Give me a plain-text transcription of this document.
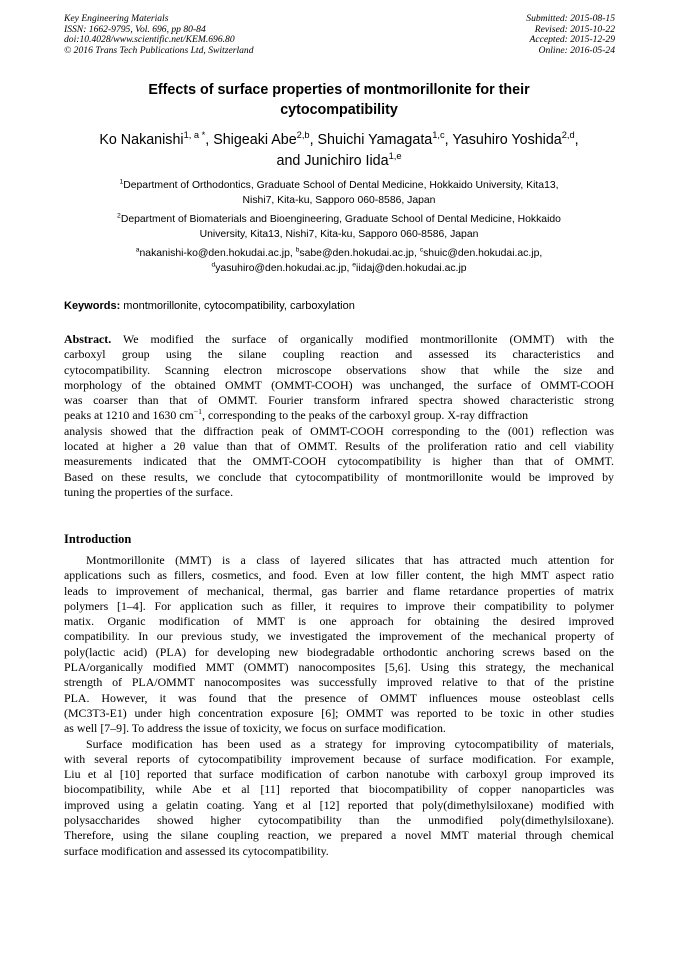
Key Engineering Materials
ISSN: 1662-9795, Vol. 696, pp 80-84
doi:10.4028/www.scientific.net/KEM.696.80
© 2016 Trans Tech Publications Ltd, Switzerland
Submitted: 2015-08-15
Revised: 2015-10-22
Accepted: 2015-12-29
Online: 2016-05-24
Effects of surface properties of montmorillonite for their
cytocompatibility
Ko Nakanishi$^{1, a *}$, Shigeaki Abe$^{2,b}$, Shuichi Yamagata$^{1,c}$, Yasuhiro Yoshida$^{2,d}$,
and Junichiro Iida$^{1,e}$
$^1$Department of Orthodontics, Graduate School of Dental Medicine, Hokkaido University, Kita13,
Nishi7, Kita-ku, Sapporo 060-8586, Japan
$^2$Department of Biomaterials and Bioengineering, Graduate School of Dental Medicine, Hokkaido
University, Kita13, Nishi7, Kita-ku, Sapporo 060-8586, Japan
$^a$nakanishi-ko@den.hokudai.ac.jp, $^b$sabe@den.hokudai.ac.jp, $^c$shuic@den.hokudai.ac.jp,
$^d$yasuhiro@den.hokudai.ac.jp, $^e$iidaj@den.hokudai.ac.jp
Keywords: montmorillonite, cytocompatibility, carboxylation
Abstract. We modified the surface of organically modified montmorillonite (OMMT) with the
carboxyl group using the silane coupling reaction and assessed its characteristics and
cytocompatibility. Scanning electron microscope observations show that while the size and
morphology of the obtained OMMT (OMMT-COOH) was unchanged, the surface of OMMT-COOH
was coarser than that of OMMT. Fourier transform infrared spectra showed characteristic strong
peaks at 1210 and 1630 $cm^{-1}$, corresponding to the peaks of the carboxyl group. X-ray diffraction
analysis showed that the diffraction peak of OMMT-COOH corresponding to the (001) reflection was
located at higher a 2θ value than that of OMMT. Results of the proliferation ratio and cell viability
measurements indicated that the OMMT-COOH cytocompatibility is higher than that of OMMT.
Based on these results, we conclude that cytocompatibility of montmorillonite would be improved by
tuning the properties of the surface.
Introduction
Montmorillonite (MMT) is a class of layered silicates that has attracted much attention for
applications such as fillers, cosmetics, and food. Even at low filler content, the high MMT aspect ratio
leads to improvement of mechanical, thermal, gas barrier and flame retardance properties of matrix
polymers [1–4]. For application such as filler, it requires to improve their compatibility to polymer
matix. Organic modification of MMT is one approach for obtaining the desired improved
compatibility. In our previous study, we investigated the improvement of the mechanical property of
poly(lactic acid) (PLA) for developing new biodegradable orthodontic anchoring screws based on the
PLA/organically modified MMT (OMMT) nanocomposites [5,6]. Using this strategy, the mechanical
strength of PLA/OMMT nanocomposites was successfully improved relative to that of the pristine
PLA. However, it was found that the presence of OMMT influences mouse osteoblast cells
(MC3T3-E1) under high concentration exposure [6]; OMMT was reported to be toxic in other studies
as well [7–9]. To address the issue of toxicity, we focus on surface modification.
Surface modification has been used as a strategy for improving cytocompatibility of materials,
with several reports of cytocompatibility improvement because of surface modification. For example,
Liu et al [10] reported that surface modification of carbon nanotube with carboxyl group improved its
biocompatibility, while Abe et al [11] reported that biocompatibility of copper nanoparticles was
improved using a gelatin coating. Yang et al [12] reported that poly(dimethylsiloxane) modified with
polysaccharides showed higher cytocompatibility than the unmodified poly(dimethylsiloxane).
Therefore, using the silane coupling reaction, we prepared a novel MMT material through chemical
surface modification and assessed its cytocompatibility.
